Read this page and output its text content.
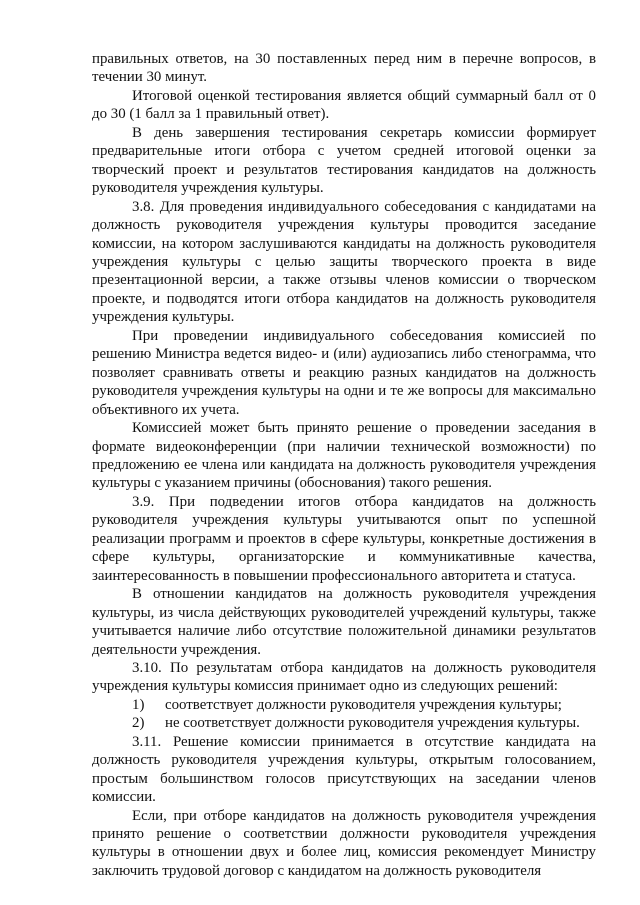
правильных ответов, на 30 поставленных перед ним в перечне вопросов, в течении 30 минут.

Итоговой оценкой тестирования является общий суммарный балл от 0 до 30 (1 балл за 1 правильный ответ).

В день завершения тестирования секретарь комиссии формирует предварительные итоги отбора с учетом средней итоговой оценки за творческий проект и результатов тестирования кандидатов на должность руководителя учреждения культуры.

3.8. Для проведения индивидуального собеседования с кандидатами на должность руководителя учреждения культуры проводится заседание комиссии, на котором заслушиваются кандидаты на должность руководителя учреждения культуры с целью защиты творческого проекта в виде презентационной версии, а также отзывы членов комиссии о творческом проекте, и подводятся итоги отбора кандидатов на должность руководителя учреждения культуры.

При проведении индивидуального собеседования комиссией по решению Министра ведется видео- и (или) аудиозапись либо стенограмма, что позволяет сравнивать ответы и реакцию разных кандидатов на должность руководителя учреждения культуры на одни и те же вопросы для максимально объективного их учета.

Комиссией может быть принято решение о проведении заседания в формате видеоконференции (при наличии технической возможности) по предложению ее члена или кандидата на должность руководителя учреждения культуры с указанием причины (обоснования) такого решения.

3.9. При подведении итогов отбора кандидатов на должность руководителя учреждения культуры учитываются опыт по успешной реализации программ и проектов в сфере культуры, конкретные достижения в сфере культуры, организаторские и коммуникативные качества, заинтересованность в повышении профессионального авторитета и статуса.

В отношении кандидатов на должность руководителя учреждения культуры, из числа действующих руководителей учреждений культуры, также учитывается наличие либо отсутствие положительной динамики результатов деятельности учреждения.

3.10. По результатам отбора кандидатов на должность руководителя учреждения культуры комиссия принимает одно из следующих решений:

1)	соответствует должности руководителя учреждения культуры;
2)	не соответствует должности руководителя учреждения культуры.

3.11. Решение комиссии принимается в отсутствие кандидата на должность руководителя учреждения культуры, открытым голосованием, простым большинством голосов присутствующих на заседании членов комиссии.

Если, при отборе кандидатов на должность руководителя учреждения принято решение о соответствии должности руководителя учреждения культуры в отношении двух и более лиц, комиссия рекомендует Министру заключить трудовой договор с кандидатом на должность руководителя
